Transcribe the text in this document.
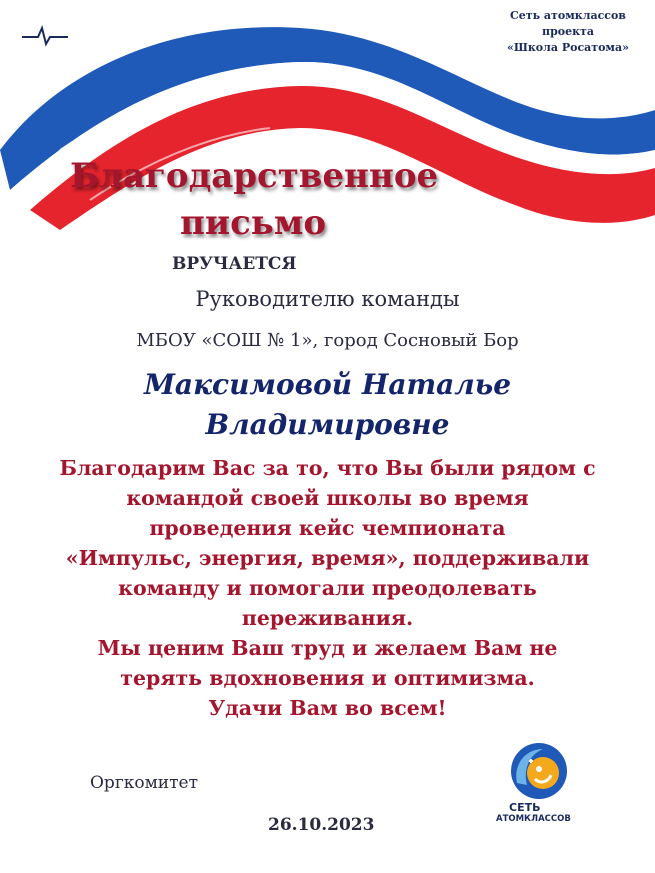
Сеть атомклассов
проекта
«Школа Росатома»
Благодарственное
письмо
ВРУЧАЕТСЯ
Руководителю команды
МБОУ «СОШ № 1», город Сосновый Бор
Максимовой Наталье
Владимировне
Благодарим Вас за то, что Вы были рядом с
командой своей школы во время
проведения кейс чемпионата
«Импульс, энергия, время», поддерживали
команду и помогали преодолевать
переживания.
Мы ценим Ваш труд и желаем Вам не
терять вдохновения и оптимизма.
Удачи Вам во всем!
Оргкомитет
26.10.2023
СЕТЬ
АТОМКЛАССОВ
